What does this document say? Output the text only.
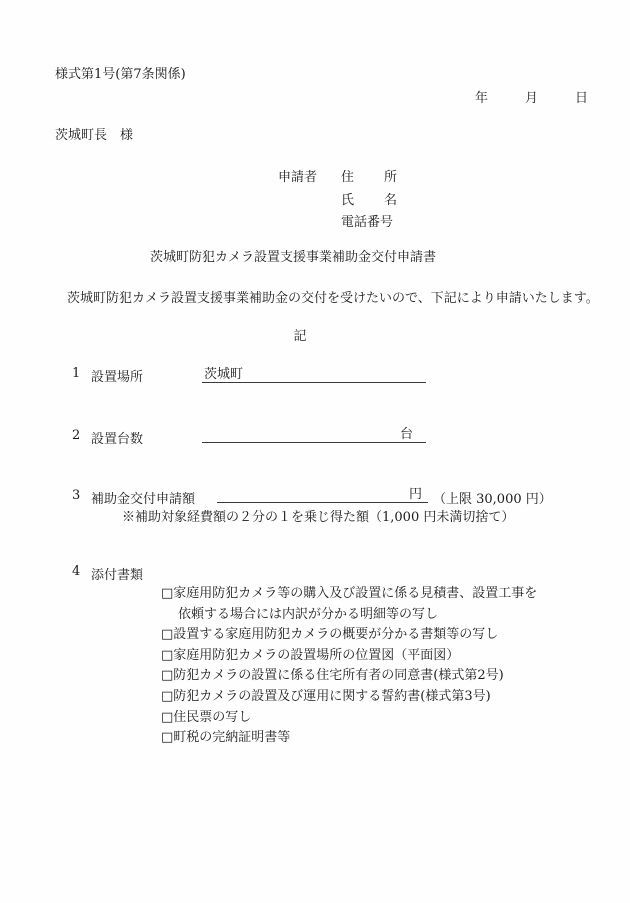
様式第1号(第7条関係)
年	月	日
茨城町長　様
申請者 住 所
氏 名
電話番号
茨城町防犯カメラ設置支援事業補助金交付申請書
茨城町防犯カメラ設置支援事業補助金の交付を受けたいので、下記により申請いたします。
記
1 設置場所	茨城町
2 設置台数	台
3 補助金交付申請額	円 （上限 30,000 円）
※補助対象経費額の２分の１を乗じ得た額（1,000 円未満切捨て）
4 添付書類
□家庭用防犯カメラ等の購入及び設置に係る見積書、設置工事を
依頼する場合には内訳が分かる明細等の写し
□設置する家庭用防犯カメラの概要が分かる書類等の写し
□家庭用防犯カメラの設置場所の位置図（平面図）
□防犯カメラの設置に係る住宅所有者の同意書(様式第2号)
□防犯カメラの設置及び運用に関する誓約書(様式第3号)
□住民票の写し
□町税の完納証明書等
